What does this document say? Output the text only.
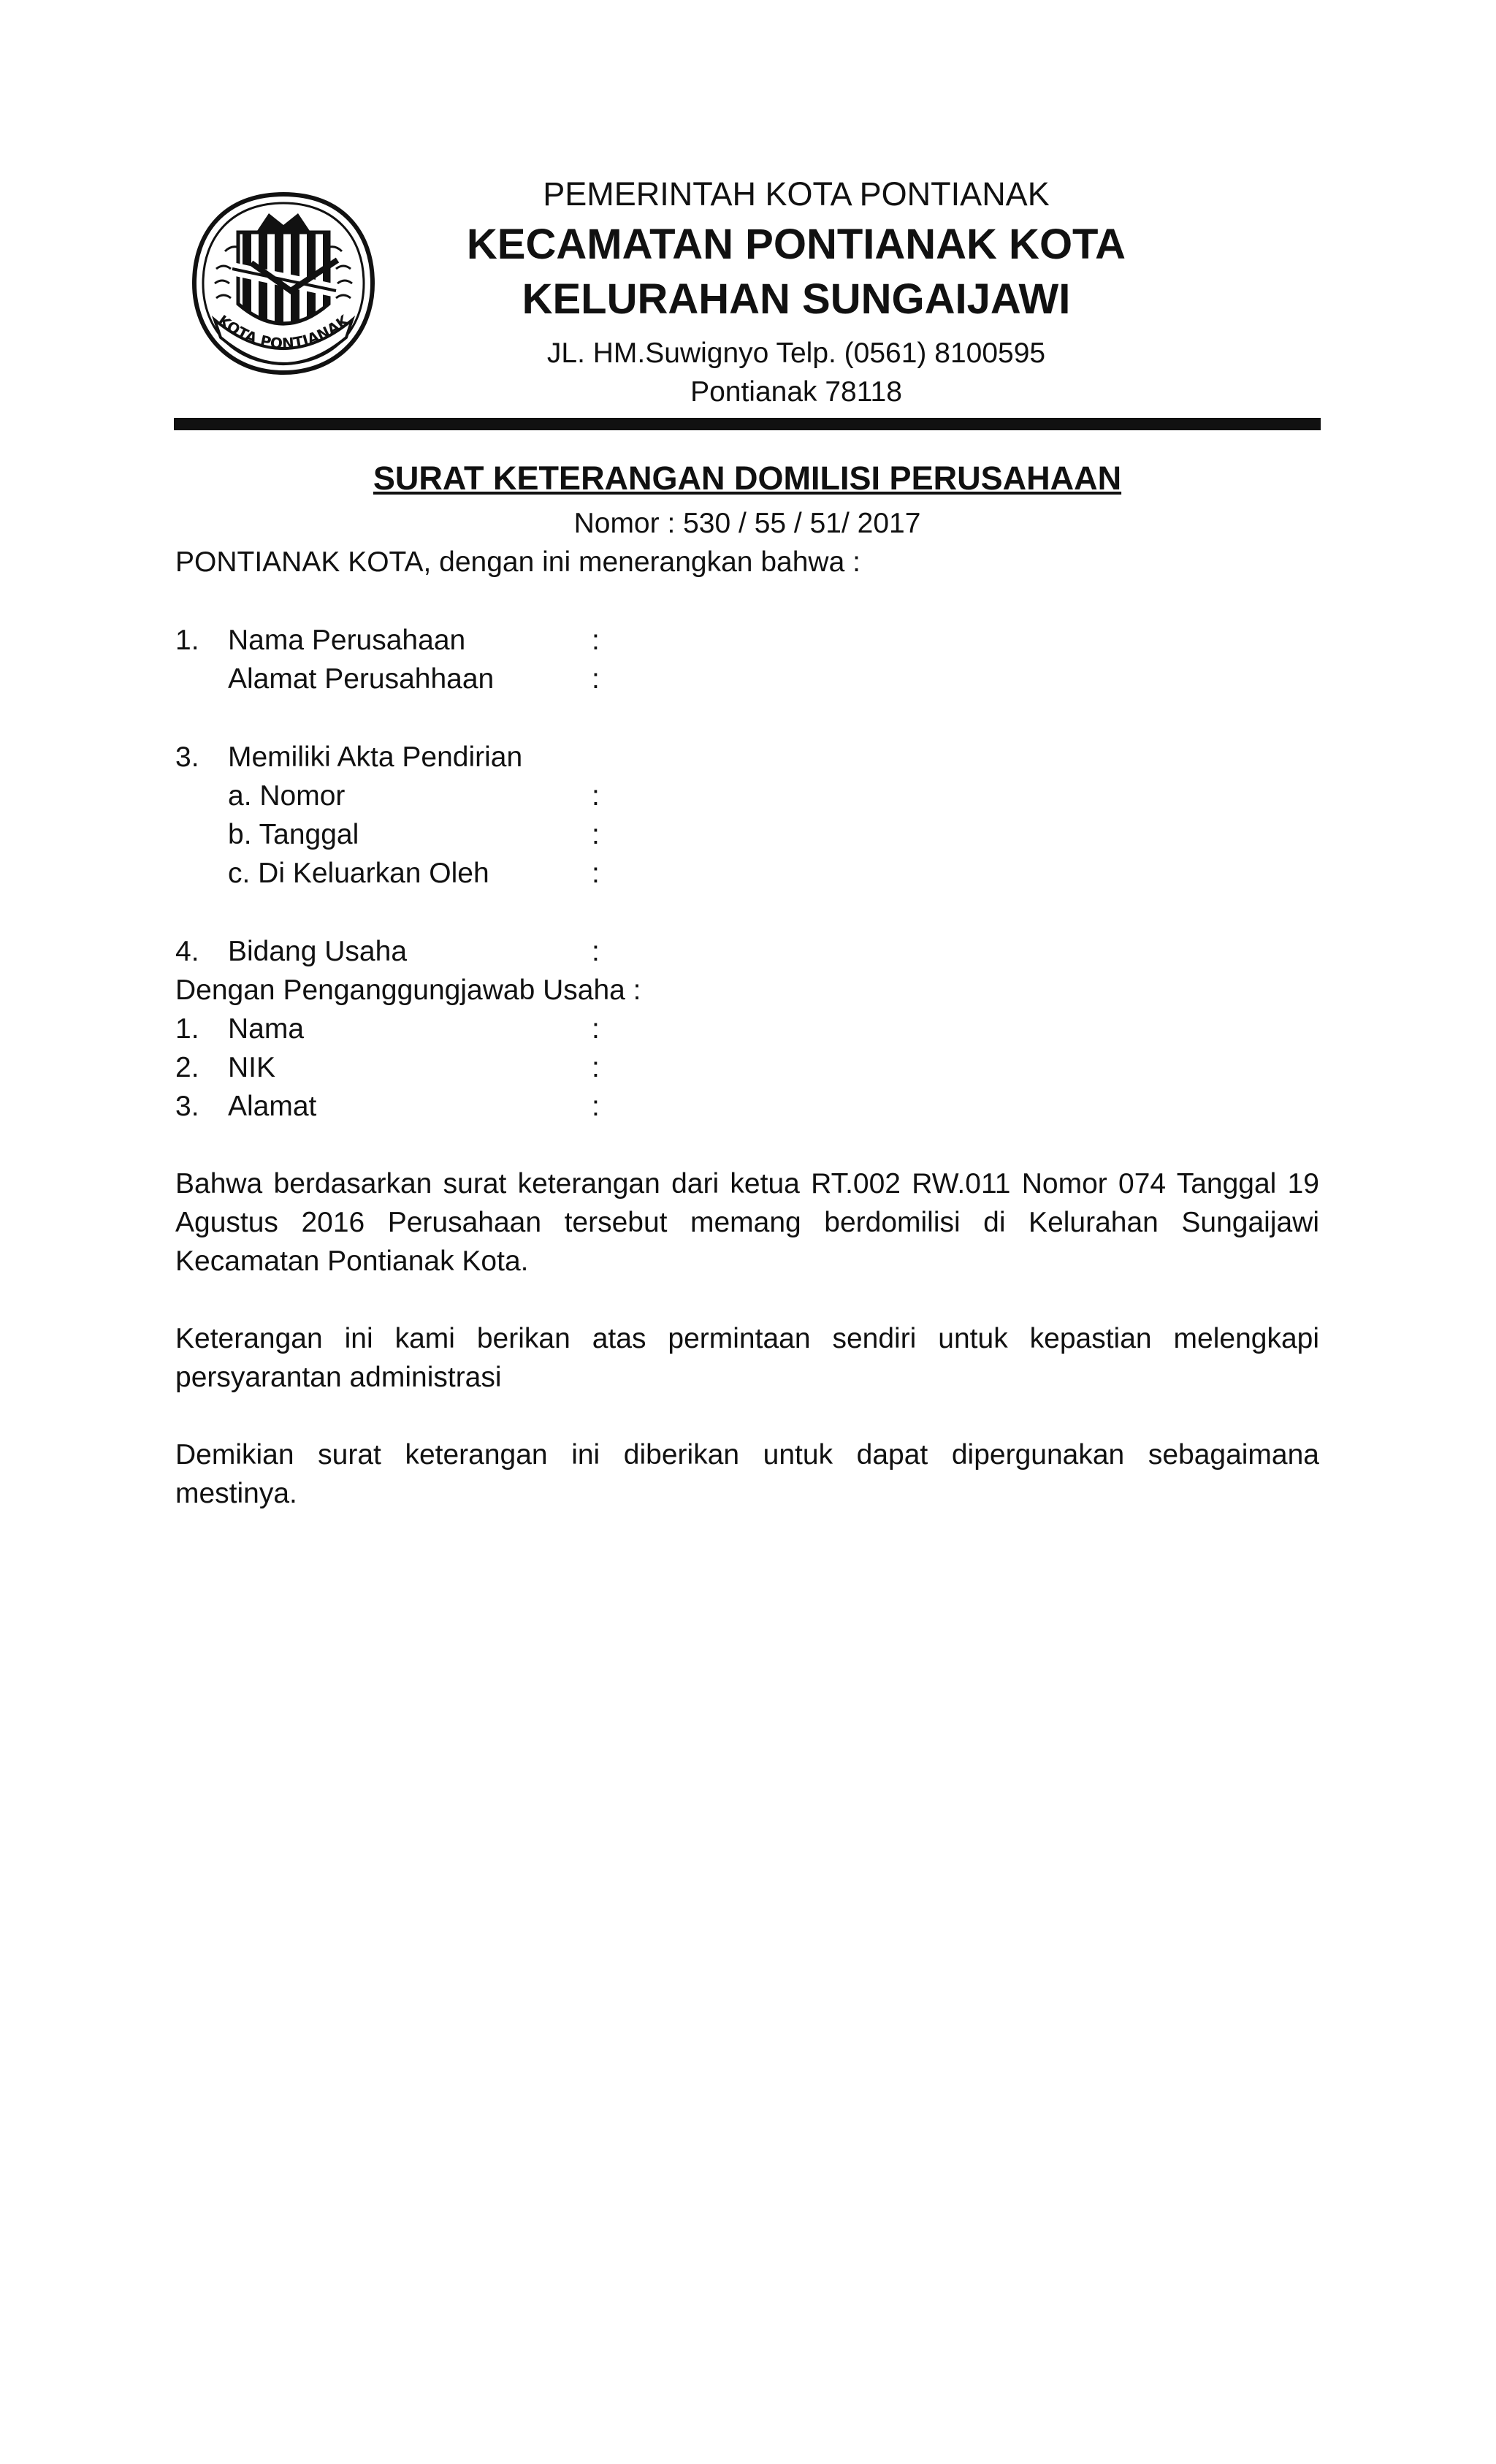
KOTA PONTIANAK
PEMERINTAH KOTA PONTIANAK
KECAMATAN PONTIANAK KOTA
KELURAHAN SUNGAIJAWI
JL. HM.Suwignyo Telp. (0561) 8100595
Pontianak 78118
SURAT KETERANGAN DOMILISI PERUSAHAAN
Nomor : 530 / 55 / 51/ 2017
PONTIANAK KOTA, dengan ini menerangkan bahwa :
1. Nama Perusahaan	:
Alamat Perusahhaan	:
3. Memiliki Akta Pendirian
a. Nomor	:
b. Tanggal	:
c. Di Keluarkan Oleh	:
4. Bidang Usaha	:
Dengan Penganggungjawab Usaha :
1. Nama	:
2. NIK	:
3. Alamat	:
Bahwa berdasarkan surat keterangan dari ketua RT.002 RW.011 Nomor 074 Tanggal 19 Agustus 2016 Perusahaan tersebut memang berdomilisi di Kelurahan Sungaijawi Kecamatan Pontianak Kota.
Keterangan ini kami berikan atas permintaan sendiri untuk kepastian melengkapi persyarantan administrasi
Demikian surat keterangan ini diberikan untuk dapat dipergunakan sebagaimana mestinya.
